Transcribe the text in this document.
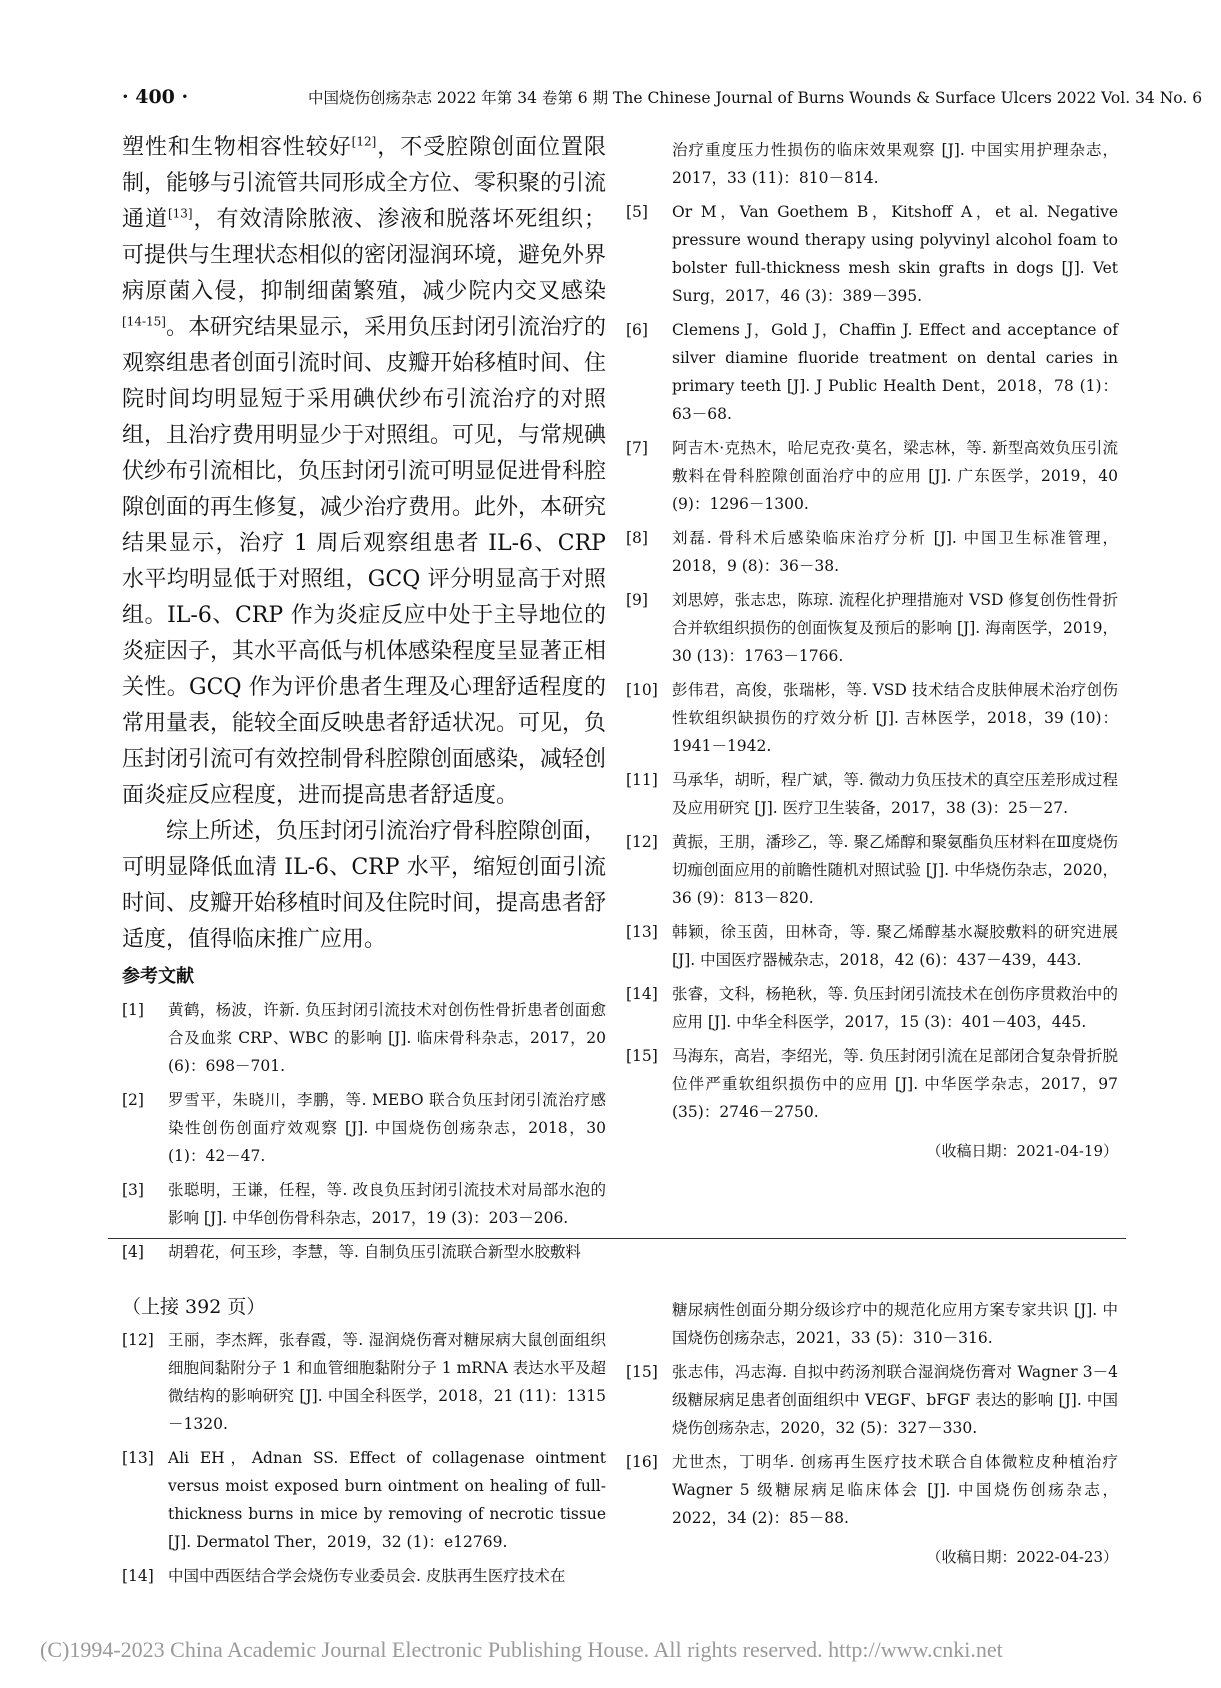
· 400 ·	中国烧伤创疡杂志 2022 年第 34 卷第 6 期 The Chinese Journal of Burns Wounds & Surface Ulcers 2022 Vol. 34 No. 6

塑性和生物相容性较好[12]，不受腔隙创面位置限制，能够与引流管共同形成全方位、零积聚的引流通道[13]，有效清除脓液、渗液和脱落坏死组织；可提供与生理状态相似的密闭湿润环境，避免外界病原菌入侵，抑制细菌繁殖，减少院内交叉感染[14-15]。本研究结果显示，采用负压封闭引流治疗的观察组患者创面引流时间、皮瓣开始移植时间、住院时间均明显短于采用碘伏纱布引流治疗的对照组，且治疗费用明显少于对照组。可见，与常规碘伏纱布引流相比，负压封闭引流可明显促进骨科腔隙创面的再生修复，减少治疗费用。此外，本研究结果显示，治疗 1 周后观察组患者 IL-6、CRP 水平均明显低于对照组，GCQ 评分明显高于对照组。IL-6、CRP 作为炎症反应中处于主导地位的炎症因子，其水平高低与机体感染程度呈显著正相关性。GCQ 作为评价患者生理及心理舒适程度的常用量表，能较全面反映患者舒适状况。可见，负压封闭引流可有效控制骨科腔隙创面感染，减轻创面炎症反应程度，进而提高患者舒适度。

综上所述，负压封闭引流治疗骨科腔隙创面，可明显降低血清 IL-6、CRP 水平，缩短创面引流时间、皮瓣开始移植时间及住院时间，提高患者舒适度，值得临床推广应用。

参考文献

[1] 黄鹤，杨波，许新. 负压封闭引流技术对创伤性骨折患者创面愈合及血浆 CRP、WBC 的影响 [J]. 临床骨科杂志，2017，20 (6)：698－701.

[2] 罗雪平，朱晓川，李鹏，等. MEBO 联合负压封闭引流治疗感染性创伤创面疗效观察 [J]. 中国烧伤创疡杂志，2018，30 (1)：42－47.

[3] 张聪明，王谦，任程，等. 改良负压封闭引流技术对局部水泡的影响 [J]. 中华创伤骨科杂志，2017，19 (3)：203－206.

[4] 胡碧花，何玉珍，李慧，等. 自制负压引流联合新型水胶敷料

治疗重度压力性损伤的临床效果观察 [J]. 中国实用护理杂志，2017，33 (11)：810－814.

[5] Or M，Van Goethem B，Kitshoff A，et al. Negative pressure wound therapy using polyvinyl alcohol foam to bolster full-thickness mesh skin grafts in dogs [J]. Vet Surg，2017，46 (3)：389－395.

[6] Clemens J，Gold J，Chaffin J. Effect and acceptance of silver diamine fluoride treatment on dental caries in primary teeth [J]. J Public Health Dent，2018，78 (1)：63－68.

[7] 阿吉木·克热木，哈尼克孜·莫名，梁志林，等. 新型高效负压引流敷料在骨科腔隙创面治疗中的应用 [J]. 广东医学，2019，40 (9)：1296－1300.

[8] 刘磊. 骨科术后感染临床治疗分析 [J]. 中国卫生标准管理，2018，9 (8)：36－38.

[9] 刘思婷，张志忠，陈琼. 流程化护理措施对 VSD 修复创伤性骨折合并软组织损伤的创面恢复及预后的影响 [J]. 海南医学，2019，30 (13)：1763－1766.

[10] 彭伟君，高俊，张瑞彬，等. VSD 技术结合皮肤伸展术治疗创伤性软组织缺损伤的疗效分析 [J]. 吉林医学，2018，39 (10)：1941－1942.

[11] 马承华，胡昕，程广斌，等. 微动力负压技术的真空压差形成过程及应用研究 [J]. 医疗卫生装备，2017，38 (3)：25－27.

[12] 黄振，王朋，潘珍乙，等. 聚乙烯醇和聚氨酯负压材料在Ⅲ度烧伤切痂创面应用的前瞻性随机对照试验 [J]. 中华烧伤杂志，2020，36 (9)：813－820.

[13] 韩颖，徐玉茵，田林奇，等. 聚乙烯醇基水凝胶敷料的研究进展 [J]. 中国医疗器械杂志，2018，42 (6)：437－439，443.

[14] 张睿，文科，杨艳秋，等. 负压封闭引流技术在创伤序贯救治中的应用 [J]. 中华全科医学，2017，15 (3)：401－403，445.

[15] 马海东，高岩，李绍光，等. 负压封闭引流在足部闭合复杂骨折脱位伴严重软组织损伤中的应用 [J]. 中华医学杂志，2017，97 (35)：2746－2750.

（收稿日期：2021-04-19）

（上接 392 页）

[12] 王丽，李杰辉，张春霞，等. 湿润烧伤膏对糖尿病大鼠创面组织细胞间黏附分子 1 和血管细胞黏附分子 1 mRNA 表达水平及超微结构的影响研究 [J]. 中国全科医学，2018，21 (11)：1315－1320.

[13] Ali EH，Adnan SS. Effect of collagenase ointment versus moist exposed burn ointment on healing of full-thickness burns in mice by removing of necrotic tissue [J]. Dermatol Ther，2019，32 (1)：e12769.

[14] 中国中西医结合学会烧伤专业委员会. 皮肤再生医疗技术在

糖尿病性创面分期分级诊疗中的规范化应用方案专家共识 [J]. 中国烧伤创疡杂志，2021，33 (5)：310－316.

[15] 张志伟，冯志海. 自拟中药汤剂联合湿润烧伤膏对 Wagner 3－4 级糖尿病足患者创面组织中 VEGF、bFGF 表达的影响 [J]. 中国烧伤创疡杂志，2020，32 (5)：327－330.

[16] 尤世杰，丁明华. 创疡再生医疗技术联合自体微粒皮种植治疗 Wagner 5 级糖尿病足临床体会 [J]. 中国烧伤创疡杂志，2022，34 (2)：85－88.

（收稿日期：2022-04-23）

(C)1994-2023 China Academic Journal Electronic Publishing House. All rights reserved. http://www.cnki.net
